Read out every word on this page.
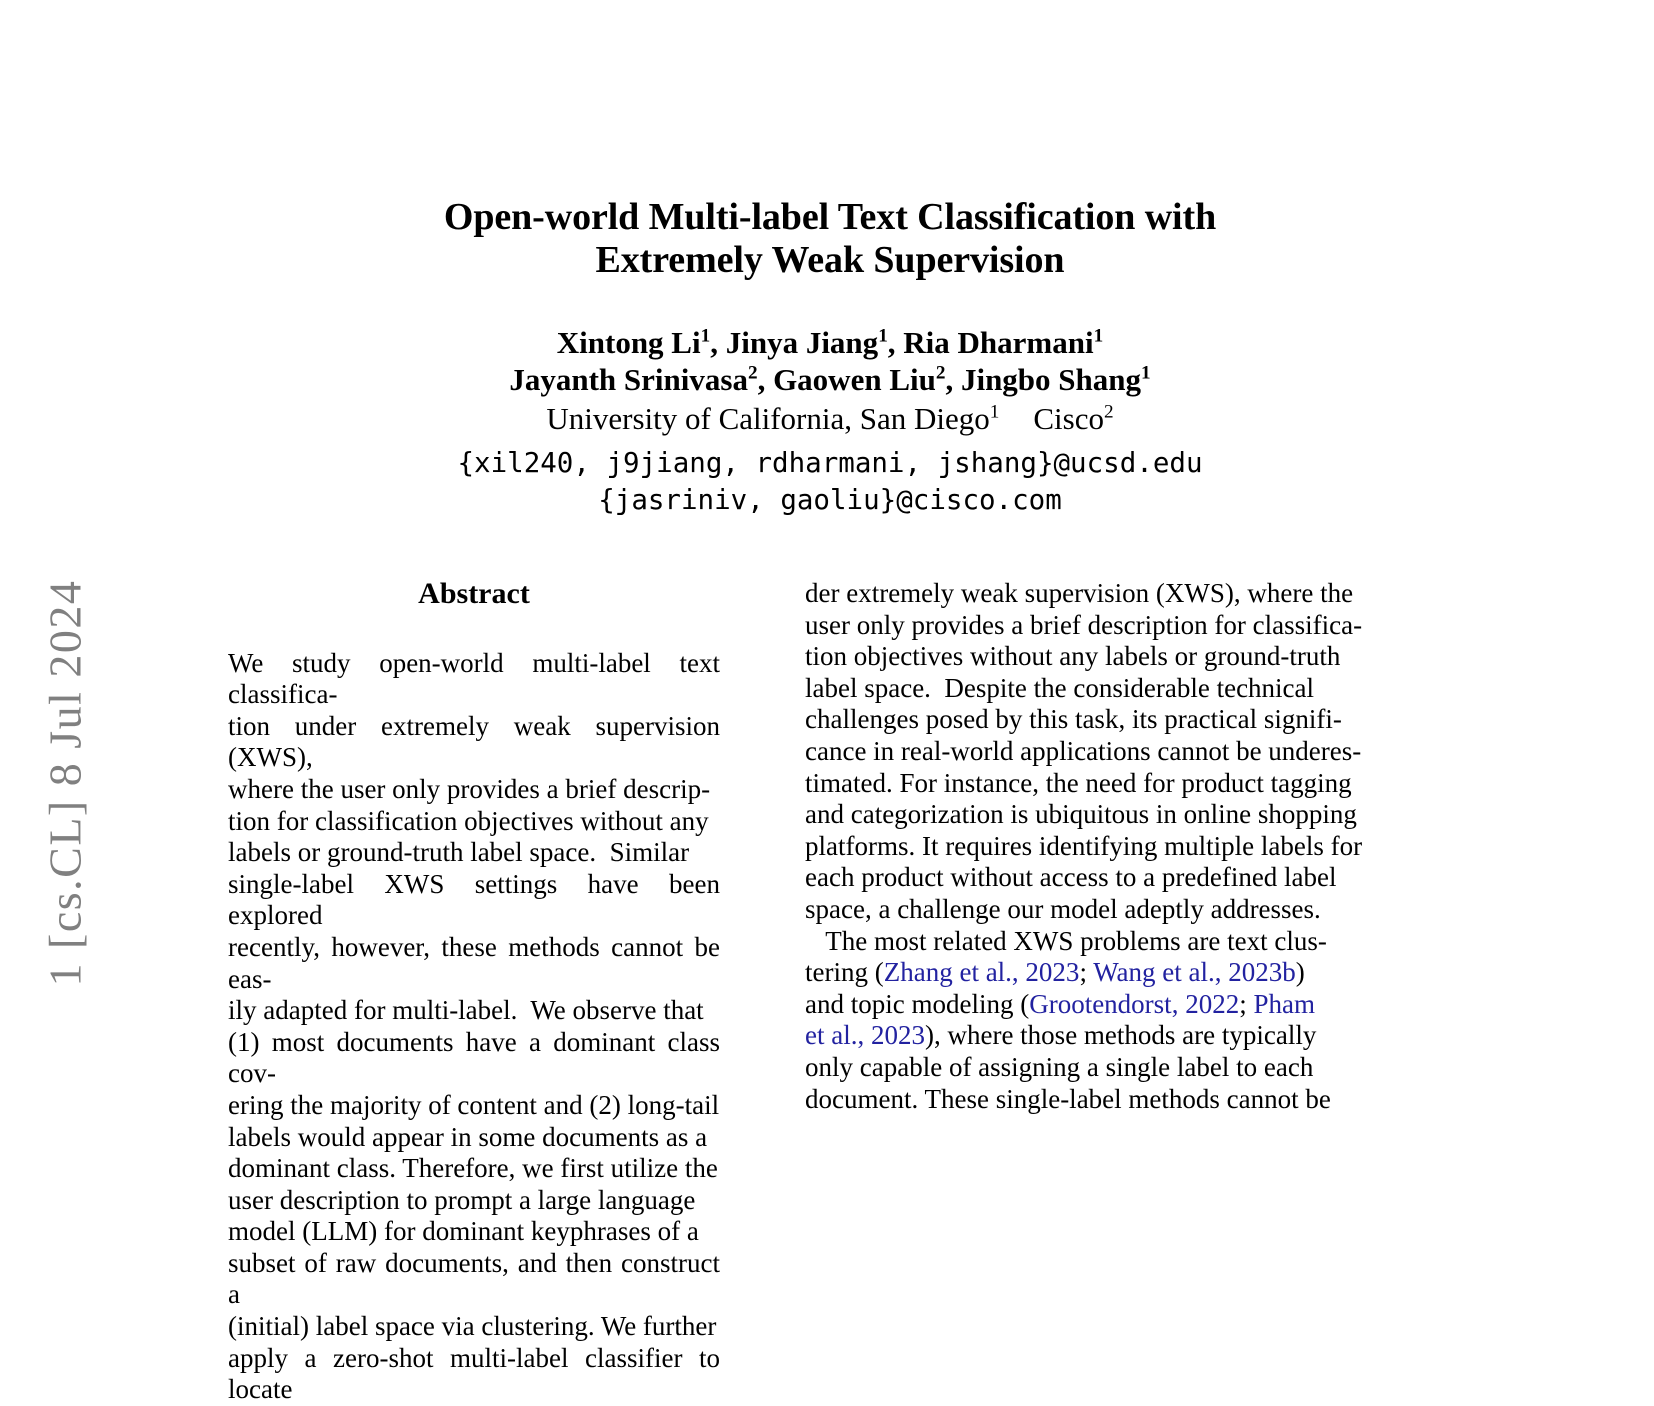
1 [cs.CL] 8 Jul 2024
Open-world Multi-label Text Classification with
Extremely Weak Supervision
Xintong Li$^1$, Jinya Jiang$^1$, Ria Dharmani$^1$
Jayanth Srinivasa$^2$, Gaowen Liu$^2$, Jingbo Shang$^1$
University of California, San Diego$^1$ Cisco$^2$
{xil240, j9jiang, rdharmani, jshang}@ucsd.edu
{jasriniv, gaoliu}@cisco.com
Abstract
We study open-world multi-label text classifica-
tion under extremely weak supervision (XWS),
where the user only provides a brief descrip-
tion for classification objectives without any
labels or ground-truth label space.  Similar
single-label XWS settings have been explored
recently, however, these methods cannot be eas-
ily adapted for multi-label.  We observe that
(1) most documents have a dominant class cov-
ering the majority of content and (2) long-tail
labels would appear in some documents as a
dominant class. Therefore, we first utilize the
user description to prompt a large language
model (LLM) for dominant keyphrases of a
subset of raw documents, and then construct a
(initial) label space via clustering. We further
apply a zero-shot multi-label classifier to locate
der extremely weak supervision (XWS), where the
user only provides a brief description for classifica-
tion objectives without any labels or ground-truth
label space.  Despite the considerable technical
challenges posed by this task, its practical signifi-
cance in real-world applications cannot be underes-
timated. For instance, the need for product tagging
and categorization is ubiquitous in online shopping
platforms. It requires identifying multiple labels for
each product without access to a predefined label
space, a challenge our model adeptly addresses.
The most related XWS problems are text clus-
tering (Zhang et al., 2023; Wang et al., 2023b)
and topic modeling (Grootendorst, 2022; Pham
et al., 2023), where those methods are typically
only capable of assigning a single label to each
document. These single-label methods cannot be
